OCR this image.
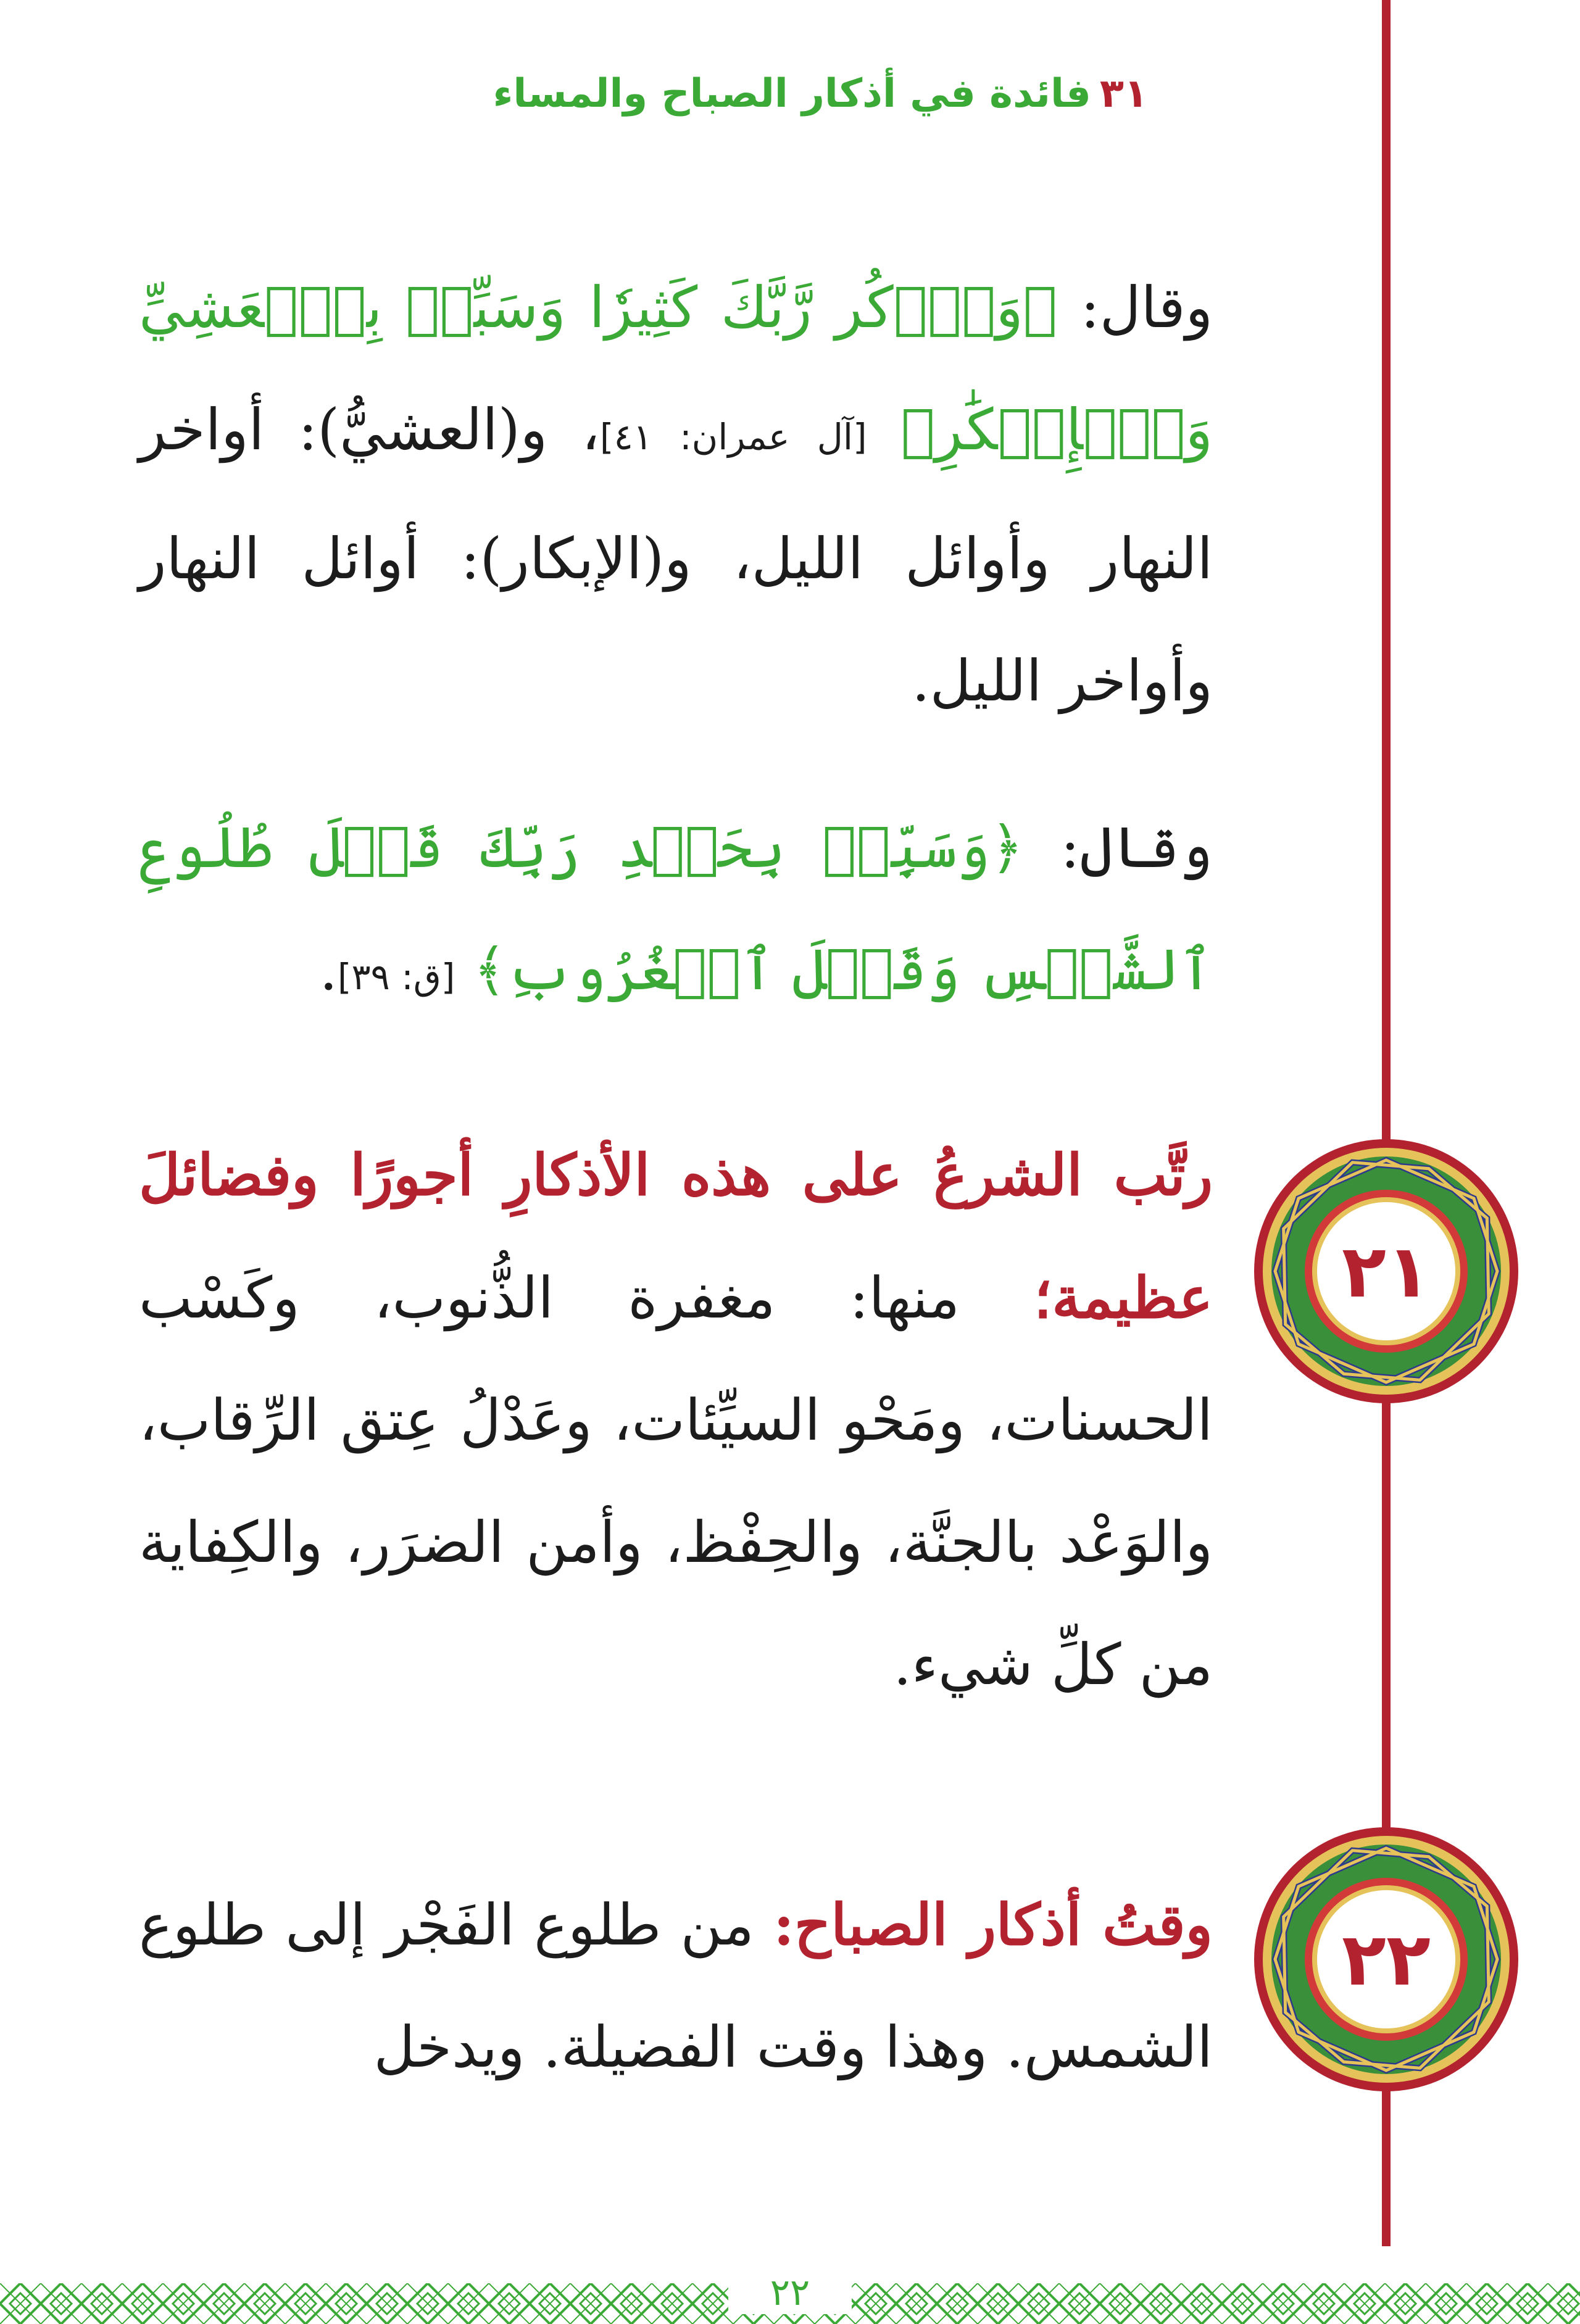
٣١فائدة في أذكار الصباح والمساء
وقال: ﴿وَٱذۡكُر رَّبَّكَ كَثِيرٗا وَسَبِّحۡ بِٱلۡعَشِيِّ وَٱلۡإِبۡكَٰرِ﴾ [آل عمران: ٤١]، و(العشيُّ): أواخر النهار وأوائل الليل، و(الإبكار): أوائل النهار وأواخر الليل.
وقال: ﴿وَسَبِّحۡ بِحَمۡدِ رَبِّكَ قَبۡلَ طُلُوعِ ٱلشَّمۡسِ وَقَبۡلَ ٱلۡغُرُوبِ﴾ [ق: ٣٩].
٢١
رتَّب الشرعُ على هذه الأذكارِ أجورًا وفضائلَ عظيمة؛ منها: مغفرة الذُّنوب، وكَسْب الحسنات، ومَحْو السيِّئات، وعَدْلُ عِتق الرِّقاب، والوَعْد بالجنَّة، والحِفْظ، وأمن الضرَر، والكِفاية من كلِّ شيء.
٢٢
وقتُ أذكار الصباح: من طلوع الفَجْر إلى طلوع الشمس. وهذا وقت الفضيلة. ويدخل
٢٢
